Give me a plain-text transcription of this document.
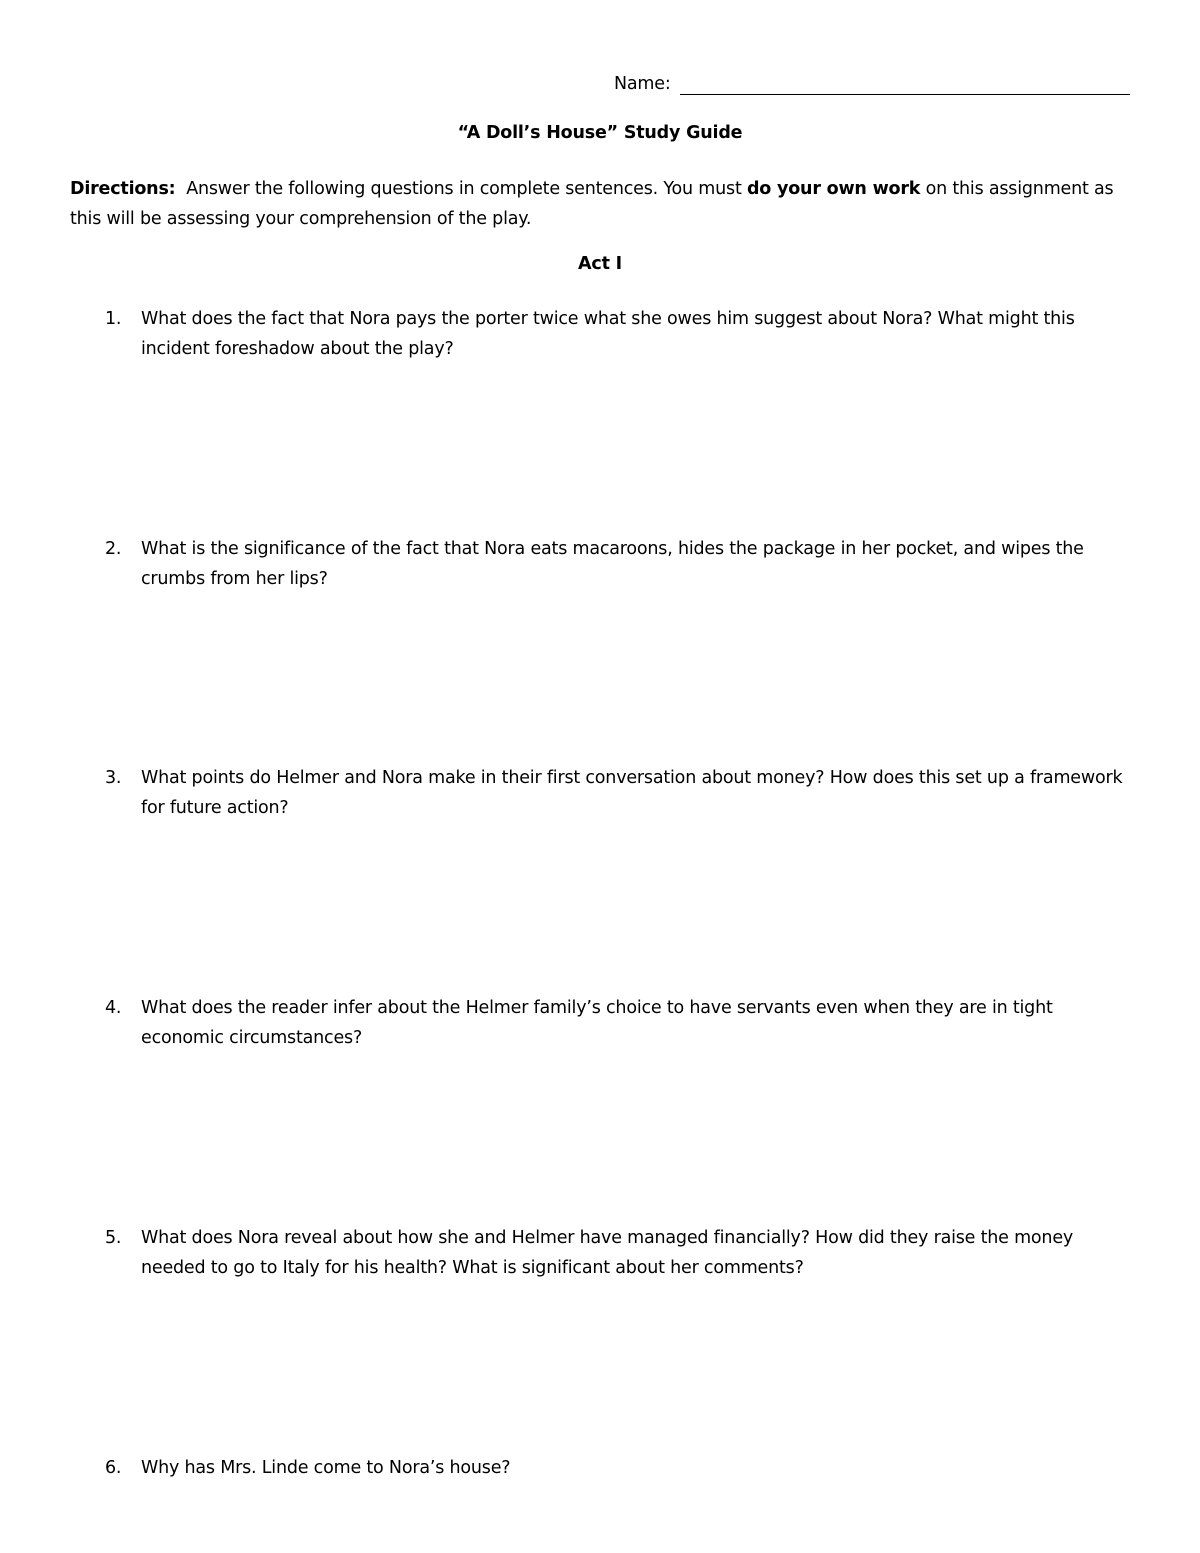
Name:
“A Doll’s House” Study Guide
Directions: Answer the following questions in complete sentences. You must do your own work on this assignment as this will be assessing your comprehension of the play.
Act I
1.	What does the fact that Nora pays the porter twice what she owes him suggest about Nora? What might this incident foreshadow about the play?
2.	What is the significance of the fact that Nora eats macaroons, hides the package in her pocket, and wipes the crumbs from her lips?
3.	What points do Helmer and Nora make in their first conversation about money? How does this set up a framework for future action?
4.	What does the reader infer about the Helmer family’s choice to have servants even when they are in tight economic circumstances?
5.	What does Nora reveal about how she and Helmer have managed financially? How did they raise the money needed to go to Italy for his health? What is significant about her comments?
6.	Why has Mrs. Linde come to Nora’s house?
